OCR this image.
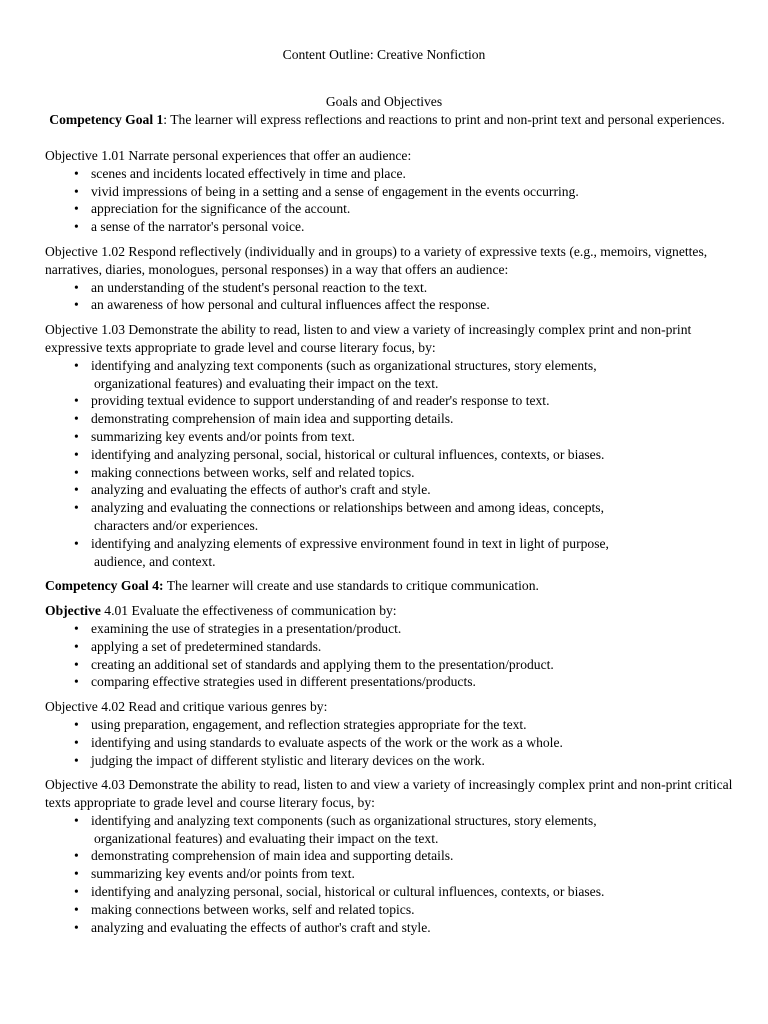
Content Outline: Creative Nonfiction
Goals and Objectives
Competency Goal 1: The learner will express reflections and reactions to print and non-print text and personal experiences.

Objective 1.01 Narrate personal experiences that offer an audience:

• scenes and incidents located effectively in time and place.
• vivid impressions of being in a setting and a sense of engagement in the events occurring.
• appreciation for the significance of the account.
• a sense of the narrator's personal voice.

Objective 1.02 Respond reflectively (individually and in groups) to a variety of expressive texts (e.g., memoirs, vignettes, narratives, diaries, monologues, personal responses) in a way that offers an audience:

• an understanding of the student's personal reaction to the text.
• an awareness of how personal and cultural influences affect the response.

Objective 1.03 Demonstrate the ability to read, listen to and view a variety of increasingly complex print and non-print expressive texts appropriate to grade level and course literary focus, by:

• identifying and analyzing text components (such as organizational structures, story elements,
organizational features) and evaluating their impact on the text.
• providing textual evidence to support understanding of and reader's response to text.
• demonstrating comprehension of main idea and supporting details.
• summarizing key events and/or points from text.
• identifying and analyzing personal, social, historical or cultural influences, contexts, or biases.
• making connections between works, self and related topics.
• analyzing and evaluating the effects of author's craft and style.
• analyzing and evaluating the connections or relationships between and among ideas, concepts,
characters and/or experiences.
• identifying and analyzing elements of expressive environment found in text in light of purpose,
audience, and context.

Competency Goal 4: The learner will create and use standards to critique communication.

Objective 4.01 Evaluate the effectiveness of communication by:

• examining the use of strategies in a presentation/product.
• applying a set of predetermined standards.
• creating an additional set of standards and applying them to the presentation/product.
• comparing effective strategies used in different presentations/products.

Objective 4.02 Read and critique various genres by:

• using preparation, engagement, and reflection strategies appropriate for the text.
• identifying and using standards to evaluate aspects of the work or the work as a whole.
• judging the impact of different stylistic and literary devices on the work.

Objective 4.03 Demonstrate the ability to read, listen to and view a variety of increasingly complex print and non-print critical texts appropriate to grade level and course literary focus, by:

• identifying and analyzing text components (such as organizational structures, story elements,
organizational features) and evaluating their impact on the text.
• demonstrating comprehension of main idea and supporting details.
• summarizing key events and/or points from text.
• identifying and analyzing personal, social, historical or cultural influences, contexts, or biases.
• making connections between works, self and related topics.
• analyzing and evaluating the effects of author's craft and style.
